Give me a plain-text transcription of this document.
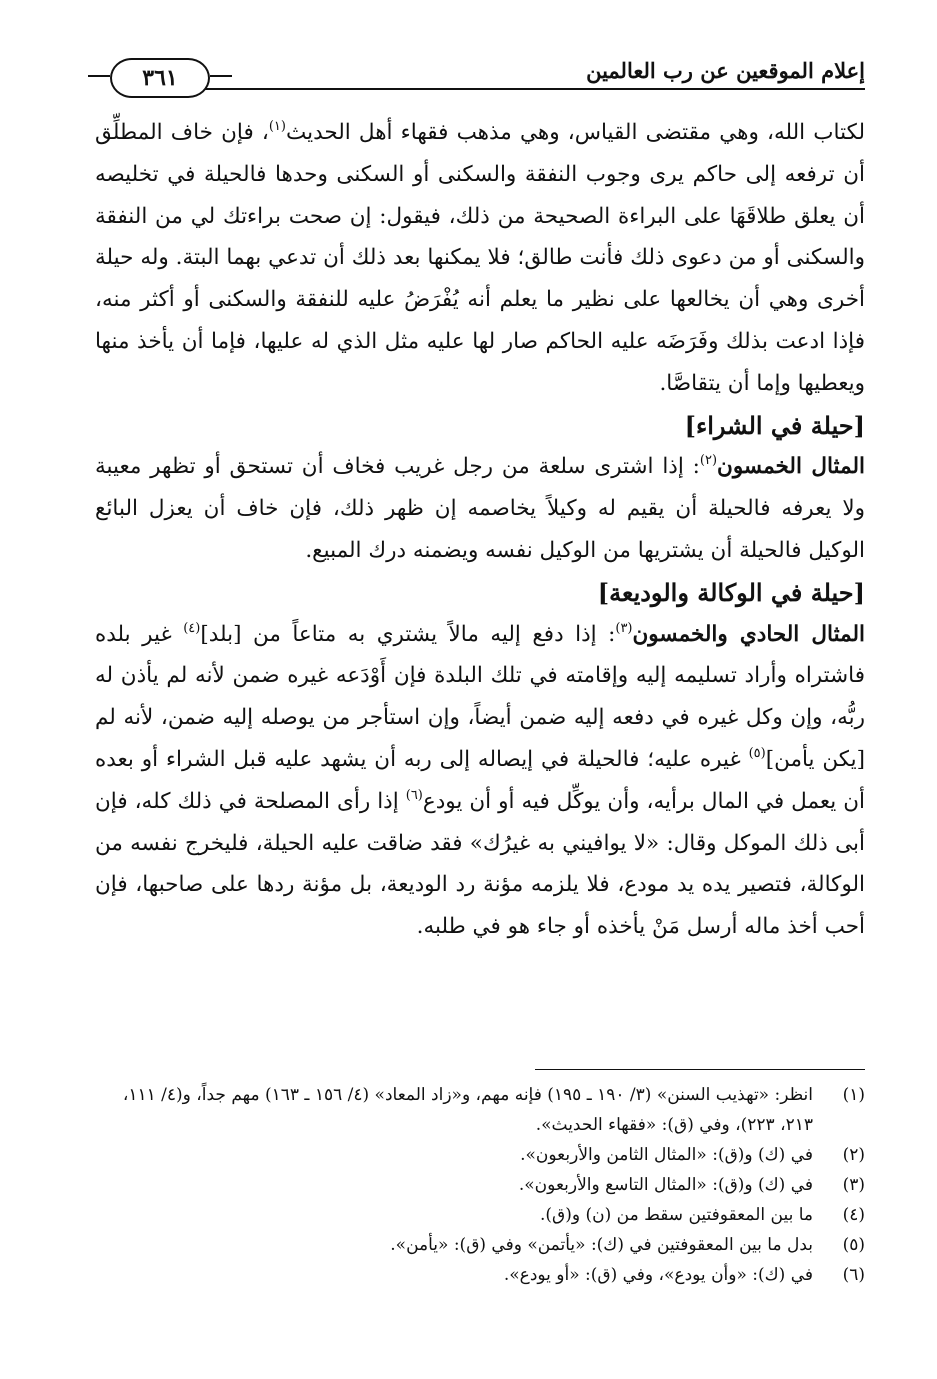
إعلام الموقعين عن رب العالمين
٣٦١

لكتاب الله، وهي مقتضى القياس، وهي مذهب فقهاء أهل الحديث$^{(١)}$، فإن خاف المطلِّق أن ترفعه إلى حاكم يرى وجوب النفقة والسكنى أو السكنى وحدها فالحيلة في تخليصه أن يعلق طلاقَهَا على البراءة الصحيحة من ذلك، فيقول: إن صحت براءتك لي من النفقة والسكنى أو من دعوى ذلك فأنت طالق؛ فلا يمكنها بعد ذلك أن تدعي بهما البتة. وله حيلة أخرى وهي أن يخالعها على نظير ما يعلم أنه يُفْرَضُ عليه للنفقة والسكنى أو أكثر منه، فإذا ادعت بذلك وفَرَضَه عليه الحاكم صار لها عليه مثل الذي له عليها، فإما أن يأخذ منها ويعطيها وإما أن يتقاصَّا.

[حيلة في الشراء]

المثال الخمسون$^{(٢)}$: إذا اشترى سلعة من رجل غريب فخاف أن تستحق أو تظهر معيبة ولا يعرفه فالحيلة أن يقيم له وكيلاً يخاصمه إن ظهر ذلك، فإن خاف أن يعزل البائع الوكيل فالحيلة أن يشتريها من الوكيل نفسه ويضمنه درك المبيع.

[حيلة في الوكالة والوديعة]

المثال الحادي والخمسون$^{(٣)}$: إذا دفع إليه مالاً يشتري به متاعاً من [بلد]$^{(٤)}$ غير بلده فاشتراه وأراد تسليمه إليه وإقامته في تلك البلدة فإن أَوْدَعه غيره ضمن لأنه لم يأذن له ربُّه، وإن وكل غيره في دفعه إليه ضمن أيضاً، وإن استأجر من يوصله إليه ضمن، لأنه لم [يكن يأمن]$^{(٥)}$ غيره عليه؛ فالحيلة في إيصاله إلى ربه أن يشهد عليه قبل الشراء أو بعده أن يعمل في المال برأيه، وأن يوكِّل فيه أو أن يودع$^{(٦)}$ إذا رأى المصلحة في ذلك كله، فإن أبى ذلك الموكل وقال: «لا يوافيني به غيرُك» فقد ضاقت عليه الحيلة، فليخرج نفسه من الوكالة، فتصير يده يد مودع، فلا يلزمه مؤنة رد الوديعة، بل مؤنة ردها على صاحبها، فإن أحب أخذ ماله أرسل مَنْ يأخذه أو جاء هو في طلبه.

(١)
انظر: «تهذيب السنن» (٣/ ١٩٠ ـ ١٩٥) فإنه مهم، و«زاد المعاد» (٤/ ١٥٦ ـ ١٦٣) مهم جداً، و(٤/ ١١١، ٢١٣، ٢٢٣)، وفي (ق): «فقهاء الحديث».
(٢)
في (ك) و(ق): «المثال الثامن والأربعون».
(٣)
في (ك) و(ق): «المثال التاسع والأربعون».
(٤)
ما بين المعقوفتين سقط من (ن) و(ق).
(٥)
بدل ما بين المعقوفتين في (ك): «يأتمن» وفي (ق): «يأمن».
(٦)
في (ك): «وأن يودع»، وفي (ق): «أو يودع».
